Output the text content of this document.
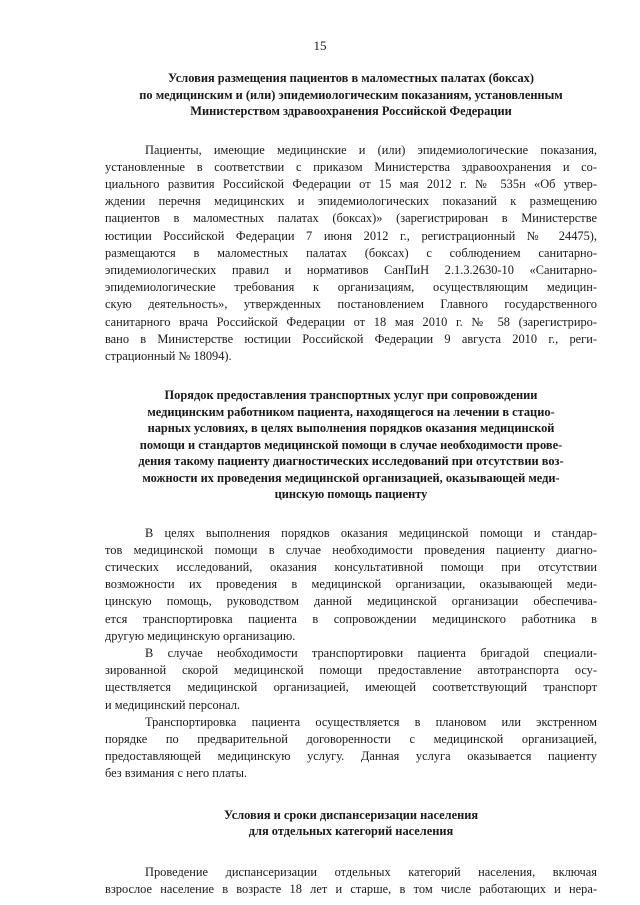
15
Условия размещения пациентов в маломестных палатах (боксах)
по медицинским и (или) эпидемиологическим показаниям, установленным
Министерством здравоохранения Российской Федерации
Пациенты, имеющие медицинские и (или) эпидемиологические показания,
установленные в соответствии с приказом Министерства здравоохранения и со-
циального развития Российской Федерации от 15 мая 2012 г. № 535н «Об утвер-
ждении перечня медицинских и эпидемиологических показаний к размещению
пациентов в маломестных палатах (боксах)» (зарегистрирован в Министерстве
юстиции Российской Федерации 7 июня 2012 г., регистрационный № 24475),
размещаются в маломестных палатах (боксах) с соблюдением санитарно-
эпидемиологических правил и нормативов СанПиН 2.1.3.2630-10 «Санитарно-
эпидемиологические требования к организациям, осуществляющим медицин-
скую деятельность», утвержденных постановлением Главного государственного
санитарного врача Российской Федерации от 18 мая 2010 г. № 58 (зарегистриро-
вано в Министерстве юстиции Российской Федерации 9 августа 2010 г., реги-
страционный № 18094).
Порядок предоставления транспортных услуг при сопровождении
медицинским работником пациента, находящегося на лечении в стацио-
нарных условиях, в целях выполнения порядков оказания медицинской
помощи и стандартов медицинской помощи в случае необходимости прове-
дения такому пациенту диагностических исследований при отсутствии воз-
можности их проведения медицинской организацией, оказывающей меди-
цинскую помощь пациенту
В целях выполнения порядков оказания медицинской помощи и стандар-
тов медицинской помощи в случае необходимости проведения пациенту диагно-
стических исследований, оказания консультативной помощи при отсутствии
возможности их проведения в медицинской организации, оказывающей меди-
цинскую помощь, руководством данной медицинской организации обеспечива-
ется транспортировка пациента в сопровождении медицинского работника в
другую медицинскую организацию.
В случае необходимости транспортировки пациента бригадой специали-
зированной скорой медицинской помощи предоставление автотранспорта осу-
ществляется медицинской организацией, имеющей соответствующий транспорт
и медицинский персонал.
Транспортировка пациента осуществляется в плановом или экстренном
порядке по предварительной договоренности с медицинской организацией,
предоставляющей медицинскую услугу. Данная услуга оказывается пациенту
без взимания с него платы.
Условия и сроки диспансеризации населения
для отдельных категорий населения
Проведение диспансеризации отдельных категорий населения, включая
взрослое население в возрасте 18 лет и старше, в том числе работающих и нера-
